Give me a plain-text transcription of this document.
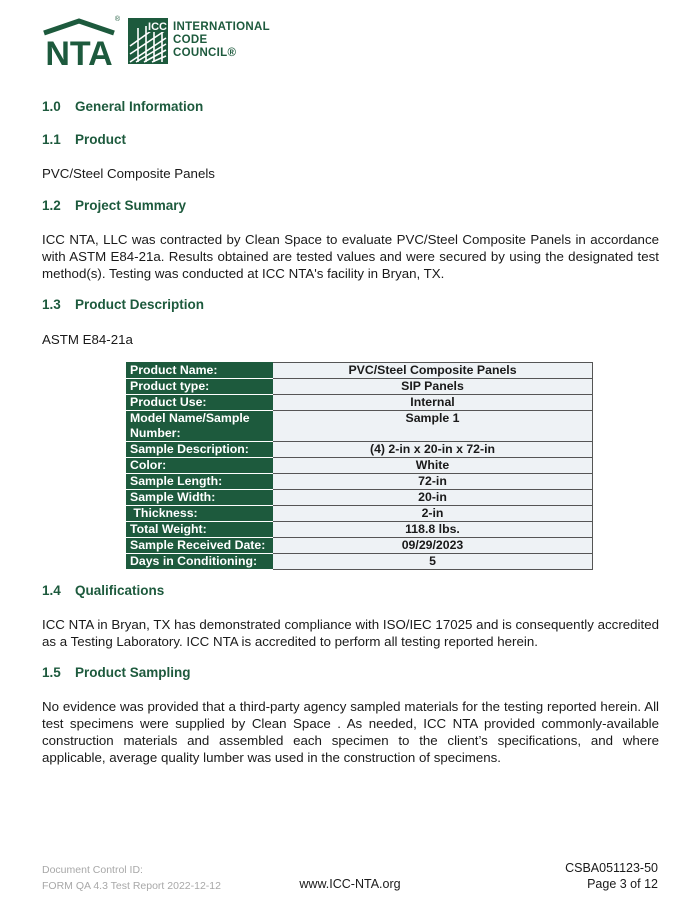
NTA
®
ICC INTERNATIONAL
CODE
COUNCIL®
1.0 General Information
1.1 Product
PVC/Steel Composite Panels
1.2 Project Summary
ICC NTA, LLC was contracted by Clean Space to evaluate PVC/Steel Composite Panels in accordance with ASTM E84-21a. Results obtained are tested values and were secured by using the designated test method(s). Testing was conducted at ICC NTA's facility in Bryan, TX.
1.3 Product Description
ASTM E84-21a
Product Name:	PVC/Steel Composite Panels
Product type:	SIP Panels
Product Use:	Internal
Model Name/Sample Number:	Sample 1
Sample Description:	(4) 2-in x 20-in x 72-in
Color:	White
Sample Length:	72-in
Sample Width:	20-in
Thickness:	2-in
Total Weight:	118.8 lbs.
Sample Received Date:	09/29/2023
Days in Conditioning:	5
1.4 Qualifications
ICC NTA in Bryan, TX has demonstrated compliance with ISO/IEC 17025 and is consequently accredited as a Testing Laboratory. ICC NTA is accredited to perform all testing reported herein.
1.5 Product Sampling
No evidence was provided that a third-party agency sampled materials for the testing reported herein. All test specimens were supplied by Clean Space . As needed, ICC NTA provided commonly-available construction materials and assembled each specimen to the client’s specifications, and where applicable, average quality lumber was used in the construction of specimens.
Document Control ID:
FORM QA 4.3 Test Report 2022-12-12	www.ICC-NTA.org
CSBA051123-50
Page 3 of 12
